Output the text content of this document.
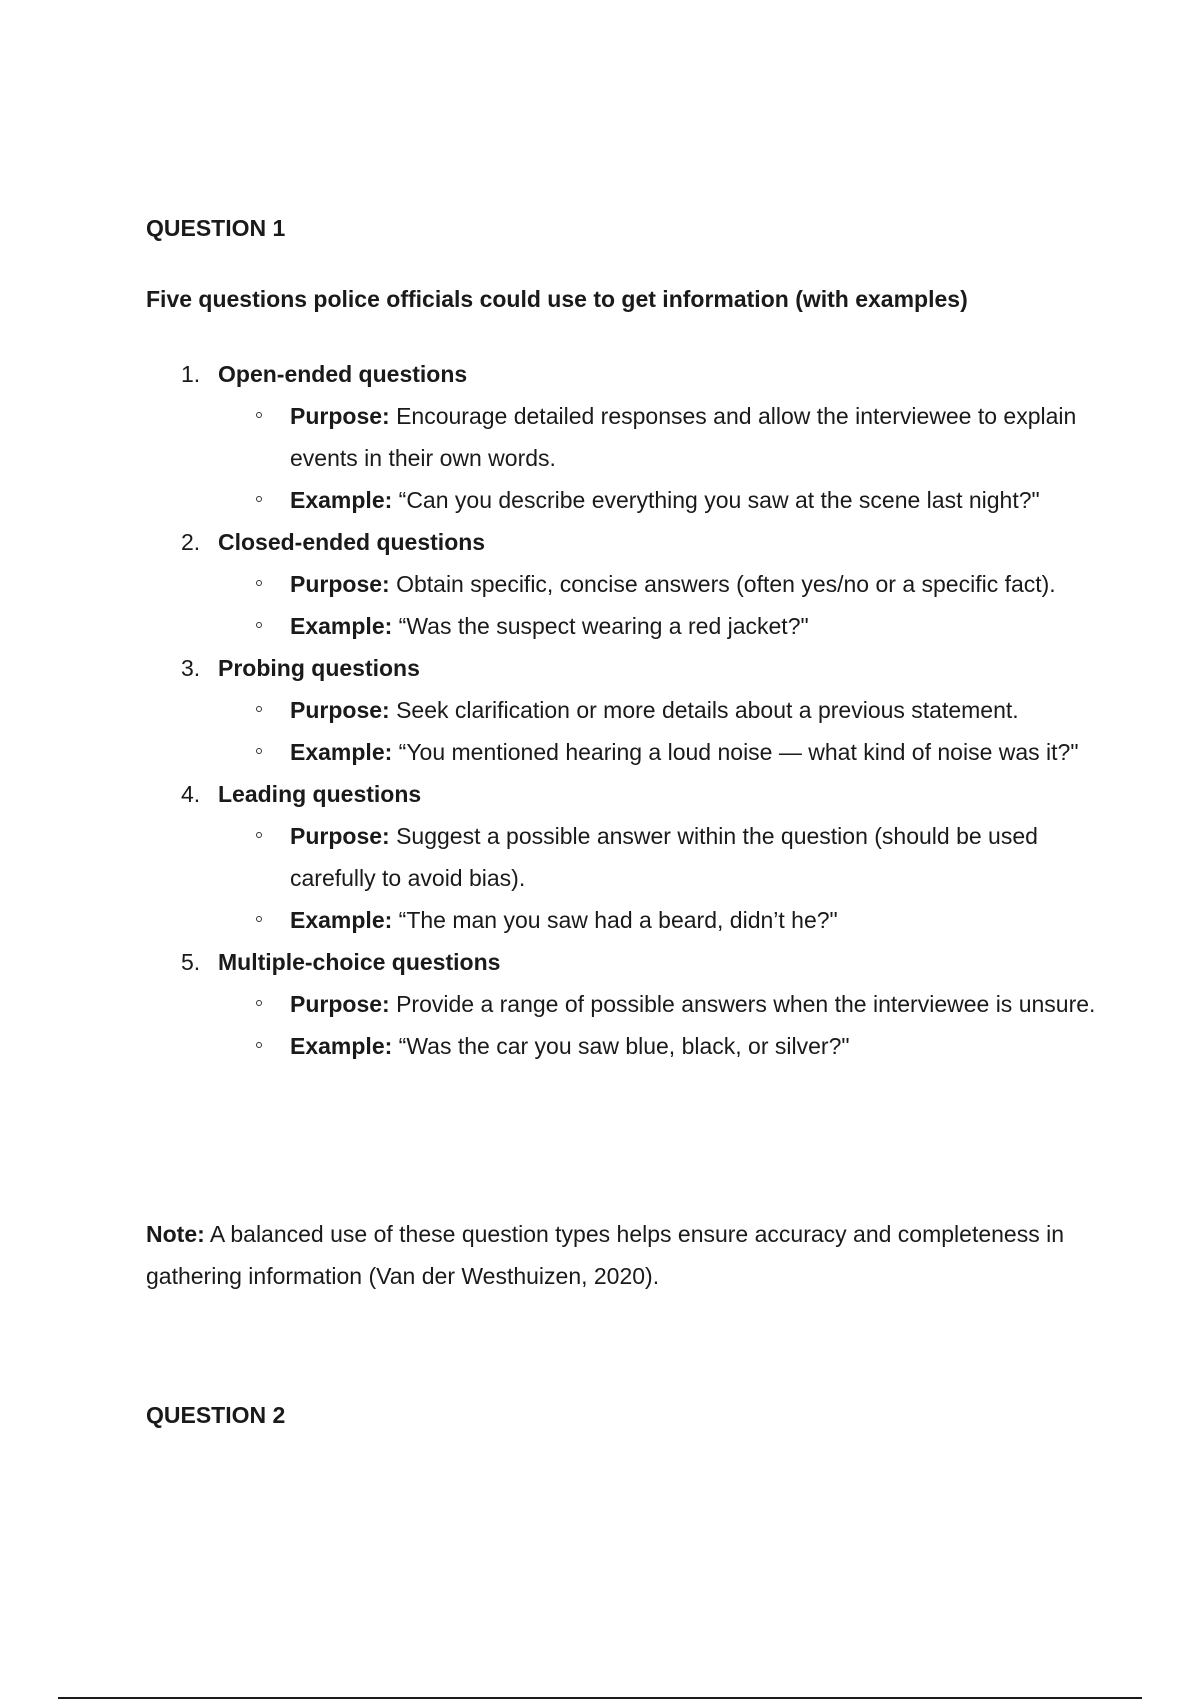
QUESTION 1

Five questions police officials could use to get information (with examples)

1. Open-ended questions
Purpose: Encourage detailed responses and allow the interviewee to explain events in their own words.
Example: “Can you describe everything you saw at the scene last night?"
2. Closed-ended questions
Purpose: Obtain specific, concise answers (often yes/no or a specific fact).
Example: “Was the suspect wearing a red jacket?"
3. Probing questions
Purpose: Seek clarification or more details about a previous statement.
Example: “You mentioned hearing a loud noise — what kind of noise was it?"
4. Leading questions
Purpose: Suggest a possible answer within the question (should be used carefully to avoid bias).
Example: “The man you saw had a beard, didn’t he?"
5. Multiple-choice questions
Purpose: Provide a range of possible answers when the interviewee is unsure.
Example: “Was the car you saw blue, black, or silver?"

Note: A balanced use of these question types helps ensure accuracy and completeness in gathering information (Van der Westhuizen, 2020).

QUESTION 2
